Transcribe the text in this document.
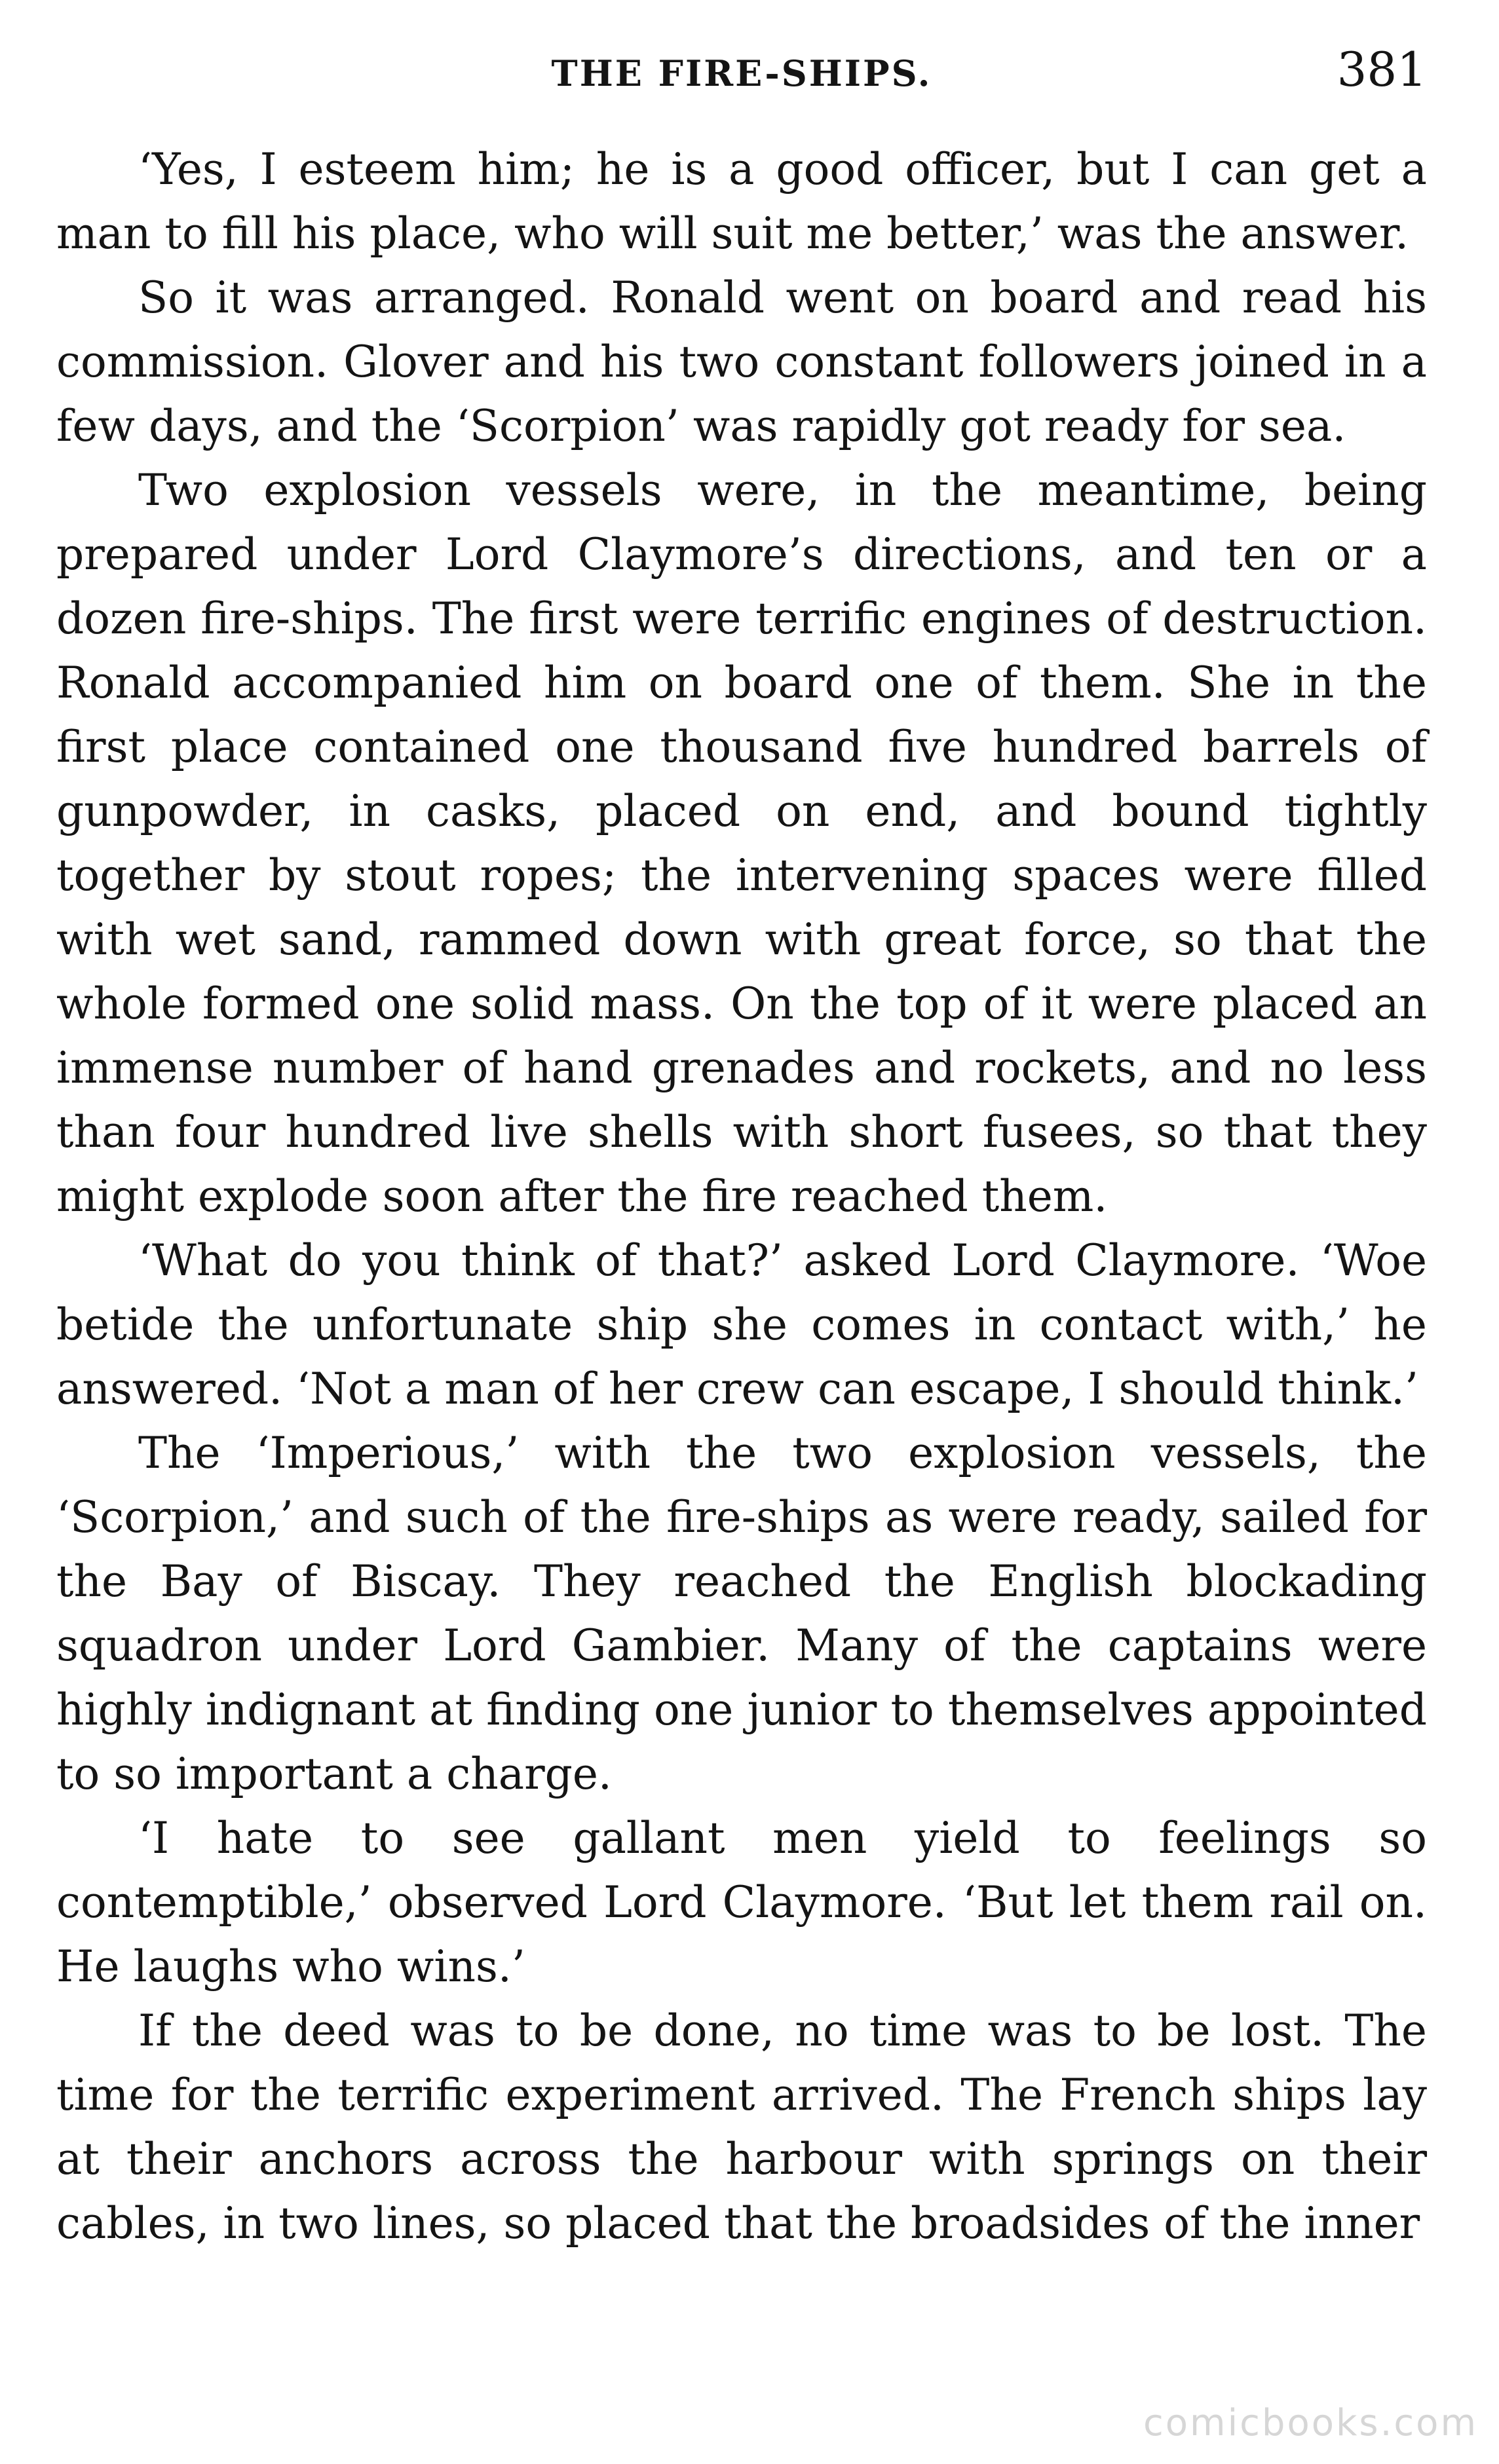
THE FIRE-SHIPS.	381

‘Yes, I esteem him; he is a good officer, but I can get a man to fill his place, who will suit me better,’ was the answer.

So it was arranged. Ronald went on board and read his commission. Glover and his two constant followers joined in a few days, and the ‘Scorpion’ was rapidly got ready for sea.

Two explosion vessels were, in the meantime, being prepared under Lord Claymore’s directions, and ten or a dozen fire-ships. The first were terrific engines of destruction. Ronald accompanied him on board one of them. She in the first place contained one thousand five hundred barrels of gunpowder, in casks, placed on end, and bound tightly together by stout ropes; the intervening spaces were filled with wet sand, rammed down with great force, so that the whole formed one solid mass. On the top of it were placed an immense number of hand grenades and rockets, and no less than four hundred live shells with short fusees, so that they might explode soon after the fire reached them.

‘What do you think of that?’ asked Lord Claymore. ‘Woe betide the unfortunate ship she comes in contact with,’ he answered. ‘Not a man of her crew can escape, I should think.’

The ‘Imperious,’ with the two explosion vessels, the ‘Scorpion,’ and such of the fire-ships as were ready, sailed for the Bay of Biscay. They reached the English blockading squadron under Lord Gambier. Many of the captains were highly indignant at finding one junior to themselves appointed to so important a charge.

‘I hate to see gallant men yield to feelings so contemptible,’ observed Lord Claymore. ‘But let them rail on. He laughs who wins.’

If the deed was to be done, no time was to be lost. The time for the terrific experiment arrived. The French ships lay at their anchors across the harbour with springs on their cables, in two lines, so placed that the broadsides of the inner

comicbooks.com
